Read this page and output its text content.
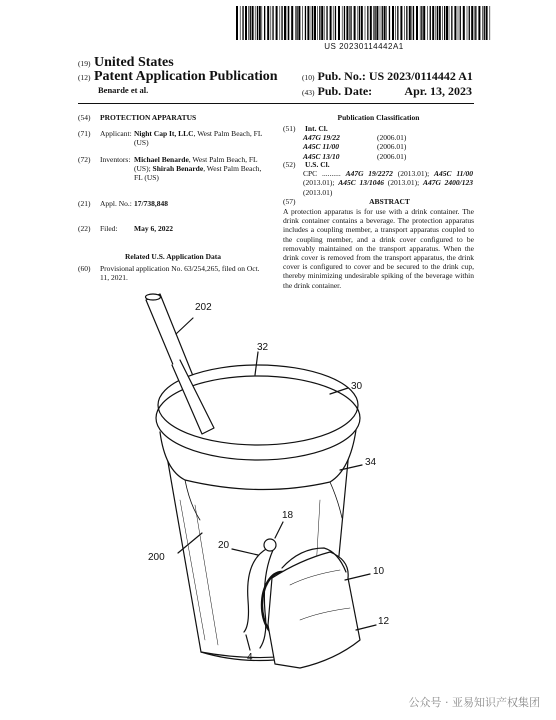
US 20230114442A1
(19) United States
(12) Patent Application Publication
Benarde et al.
(10) Pub. No.: US 2023/0114442 A1
(43) Pub. Date:	Apr. 13, 2023
(54) PROTECTION APPARATUS
(71)	Applicant: Night Cap It, LLC, West Palm Beach, FL (US)
(72)	Inventors: Michael Benarde, West Palm Beach, FL (US); Shirah Benarde, West Palm Beach, FL (US)
(21) Appl. No.: 17/738,848
(22) Filed: May 6, 2022
Related U.S. Application Data
(60)	Provisional application No. 63/254,265, filed on Oct. 11, 2021.
Publication Classification
(51) Int. Cl.
A47G 19/22	(2006.01)
A45C 11/00	(2006.01)
A45C 13/10	(2006.01)
(52) U.S. Cl.
CPC .......... A47G 19/2272 (2013.01); A45C 11/00 (2013.01); A45C 13/1046 (2013.01); A47G 2400/123 (2013.01)
(57)	ABSTRACT
A protection apparatus is for use with a drink container. The drink container contains a beverage. The protection apparatus includes a coupling member, a transport apparatus coupled to the coupling member, and a drink cover configured to be removably maintained on the transport apparatus. When the drink cover is removed from the transport apparatus, the drink cover is configured to cover and be secured to the drink cup, thereby minimizing undesirable spiking of the beverage within the drink container.
202
32
30
34
200
20
18
10
12
4
公众号 · 亚易知识产权集团
